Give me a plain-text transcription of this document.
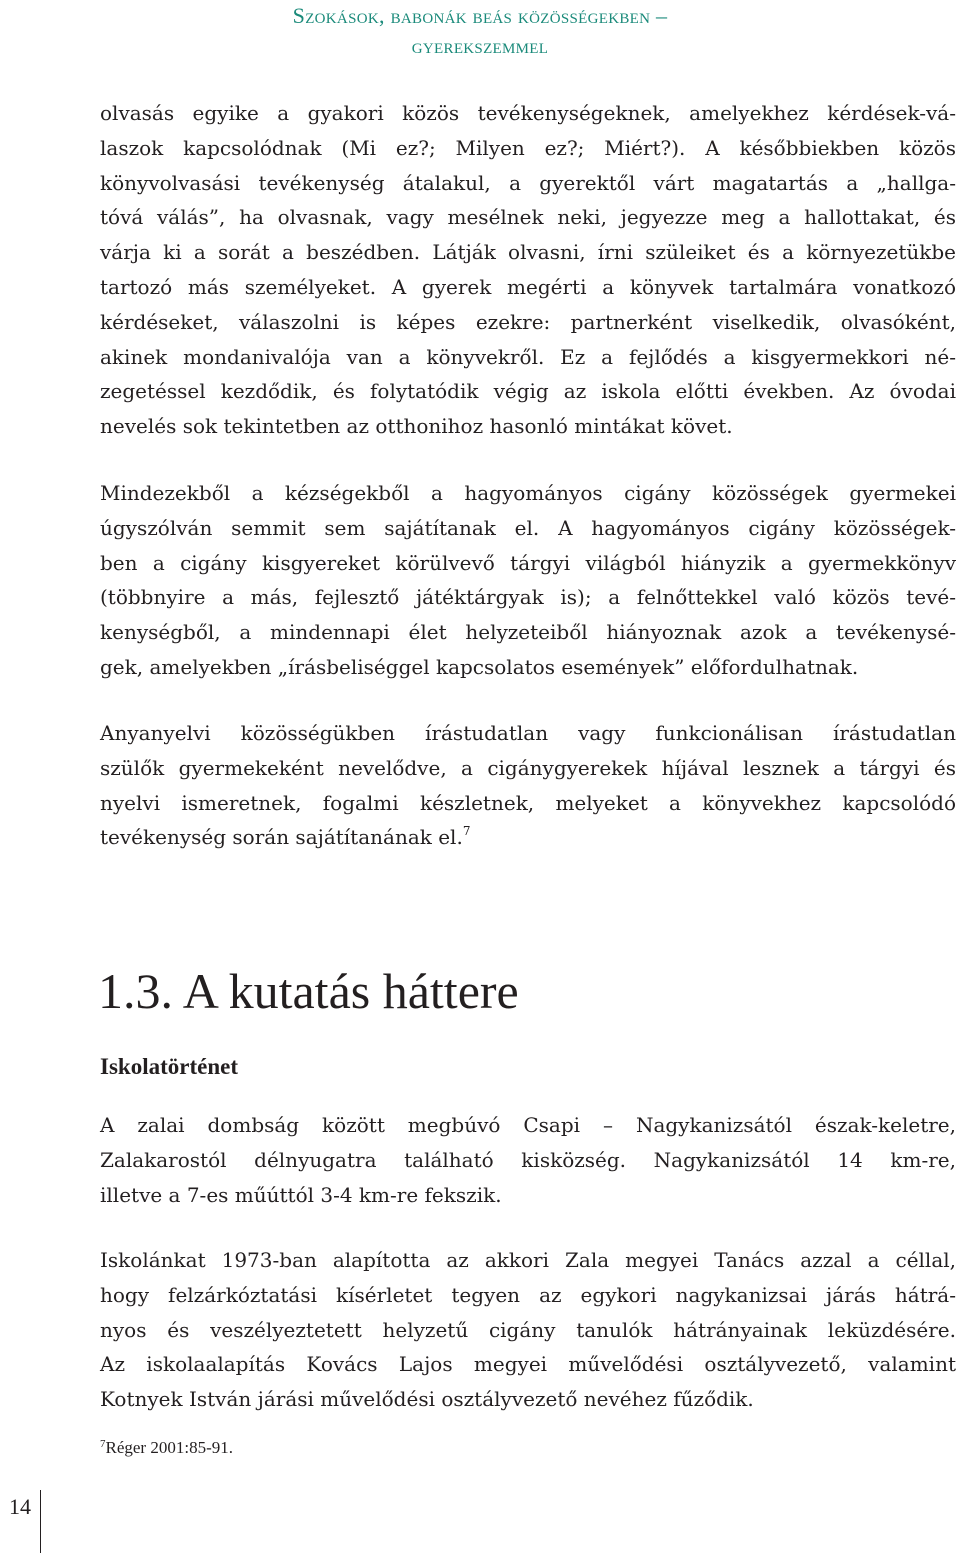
Szokások, babonák beás közösségekben –
gyerekszemmel
olvasás egyike a gyakori közös tevékenységeknek, amelyekhez kérdések-vá-
laszok kapcsolódnak (Mi ez?; Milyen ez?; Miért?). A későbbiekben közös
könyvolvasási tevékenység átalakul, a gyerektől várt magatartás a „hallga-
tóvá válás”, ha olvasnak, vagy mesélnek neki, jegyezze meg a hallottakat, és
várja ki a sorát a beszédben. Látják olvasni, írni szüleiket és a környezetükbe
tartozó más személyeket. A gyerek megérti a könyvek tartalmára vonatkozó
kérdéseket, válaszolni is képes ezekre: partnerként viselkedik, olvasóként,
akinek mondanivalója van a könyvekről. Ez a fejlődés a kisgyermekkori né-
zegetéssel kezdődik, és folytatódik végig az iskola előtti években. Az óvodai
nevelés sok tekintetben az otthonihoz hasonló mintákat követ.
Mindezekből a kézségekből a hagyományos cigány közösségek gyermekei
úgyszólván semmit sem sajátítanak el. A hagyományos cigány közösségek-
ben a cigány kisgyereket körülvevő tárgyi világból hiányzik a gyermekkönyv
(többnyire a más, fejlesztő játéktárgyak is); a felnőttekkel való közös tevé-
kenységből, a mindennapi élet helyzeteiből hiányoznak azok a tevékenysé-
gek, amelyekben „írásbeliséggel kapcsolatos események” előfordulhatnak.
Anyanyelvi közösségükben írástudatlan vagy funkcionálisan írástudatlan
szülők gyermekeként nevelődve, a cigánygyerekek híjával lesznek a tárgyi és
nyelvi ismeretnek, fogalmi készletnek, melyeket a könyvekhez kapcsolódó
tevékenység során sajátítanának el.$^7$
1.3. A kutatás háttere
Iskolatörténet
A zalai dombság között megbúvó Csapi – Nagykanizsától észak-keletre,
Zalakarostól délnyugatra található kisközség. Nagykanizsától 14 km-re,
illetve a 7-es műúttól 3-4 km-re fekszik.
Iskolánkat 1973-ban alapította az akkori Zala megyei Tanács azzal a céllal,
hogy felzárkóztatási kísérletet tegyen az egykori nagykanizsai járás hátrá-
nyos és veszélyeztetett helyzetű cigány tanulók hátrányainak leküzdésére.
Az iskolaalapítás Kovács Lajos megyei művelődési osztályvezető, valamint
Kotnyek István járási művelődési osztályvezető nevéhez fűződik.
$^7$Réger 2001:85-91.
14
